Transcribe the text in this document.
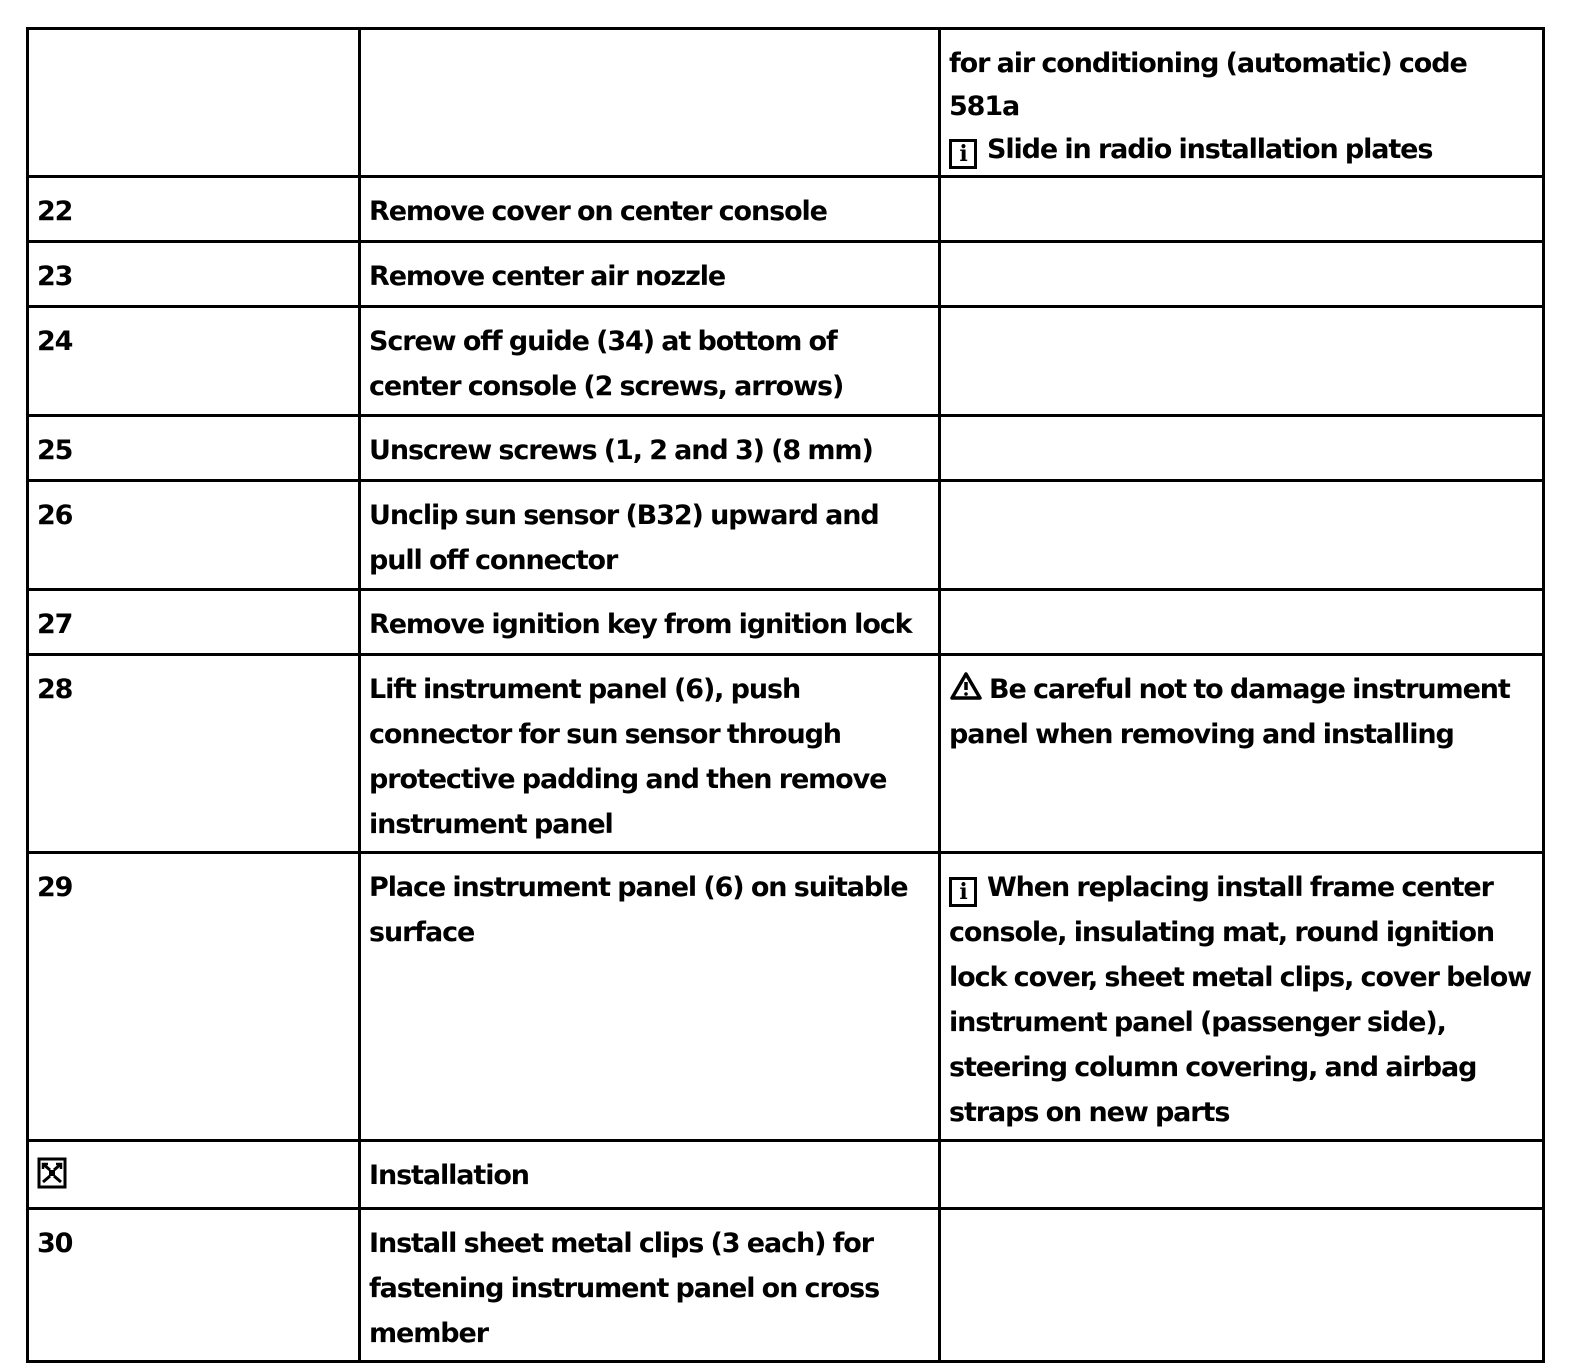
		for air conditioning (automatic) code 581a
i Slide in radio installation plates

22	Remove cover on center console	
23	Remove center air nozzle	
24	Screw off guide (34) at bottom of center console (2 screws, arrows)	
25	Unscrew screws (1, 2 and 3) (8 mm)	
26	Unclip sun sensor (B32) upward and pull off connector	
27	Remove ignition key from ignition lock	
28	Lift instrument panel (6), push connector for sun sensor through protective padding and then remove instrument panel	Be careful not to damage instrument panel when removing and installing
29	Place instrument panel (6) on suitable surface	i When replacing install frame center console, insulating mat, round ignition lock cover, sheet metal clips, cover below instrument panel (passenger side), steering column covering, and airbag straps on new parts
	Installation	
30	Install sheet metal clips (3 each) for fastening instrument panel on cross member	
